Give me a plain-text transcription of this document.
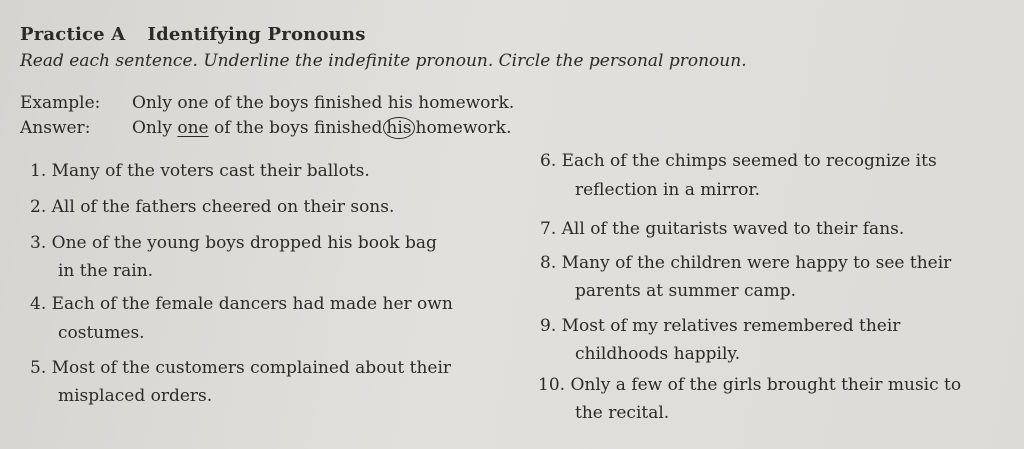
Practice A Identifying Pronouns
Read each sentence. Underline the indefinite pronoun. Circle the personal pronoun.
Example: Only one of the boys finished his homework.
Answer: Only one of the boys finished his homework.
1. Many of the voters cast their ballots.
2. All of the fathers cheered on their sons.
3. One of the young boys dropped his book bag
in the rain.
4. Each of the female dancers had made her own
costumes.
5. Most of the customers complained about their
misplaced orders.
6. Each of the chimps seemed to recognize its
reflection in a mirror.
7. All of the guitarists waved to their fans.
8. Many of the children were happy to see their
parents at summer camp.
9. Most of my relatives remembered their
childhoods happily.
10. Only a few of the girls brought their music to
the recital.
